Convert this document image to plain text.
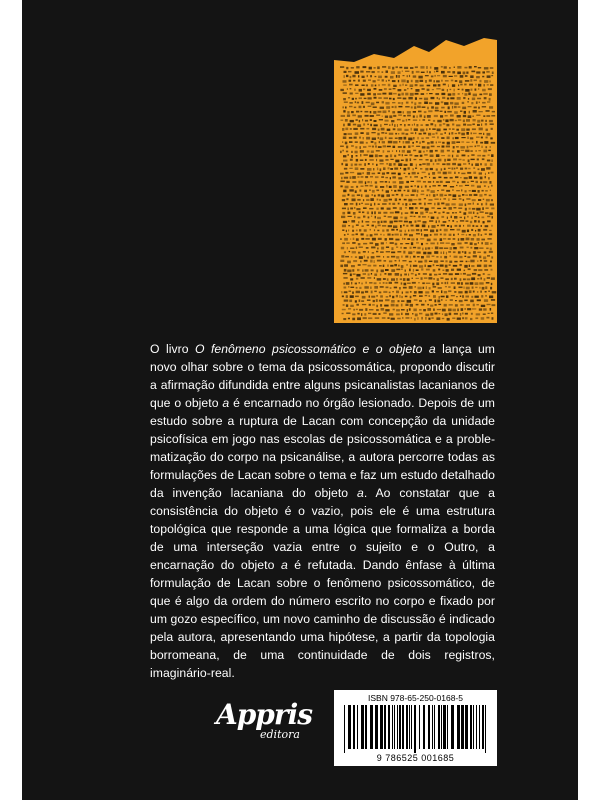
O livro O fenômeno psicossomático e o objeto a lança um novo olhar sobre o tema da psicossomática, propondo discutir a afirmação difundida entre alguns psicanalistas lacanianos de que o objeto a é encarnado no órgão lesionado. Depois de um estudo sobre a ruptura de Lacan com concepção da unidade psicofísica em jogo nas escolas de psicossomática e a problematização do corpo na psicanálise, a autora percorre todas as formulações de Lacan sobre o tema e faz um estudo detalhado da invenção lacaniana do objeto a. Ao constatar que a consistência do objeto é o vazio, pois ele é uma estrutura topológica que responde a uma lógica que formaliza a borda de uma interseção vazia entre o sujeito e o Outro, a encarnação do objeto a é refutada. Dando ênfase à última formulação de Lacan sobre o fenômeno psicossomático, de que é algo da ordem do número escrito no corpo e fixado por um gozo específico, um novo caminho de discussão é indicado pela autora, apresentando uma hipótese, a partir da topologia borromeana, de uma continuidade de dois registros, imaginário-real.

Appris
editora
ISBN 978-65-250-0168-5
9 786525 001685
